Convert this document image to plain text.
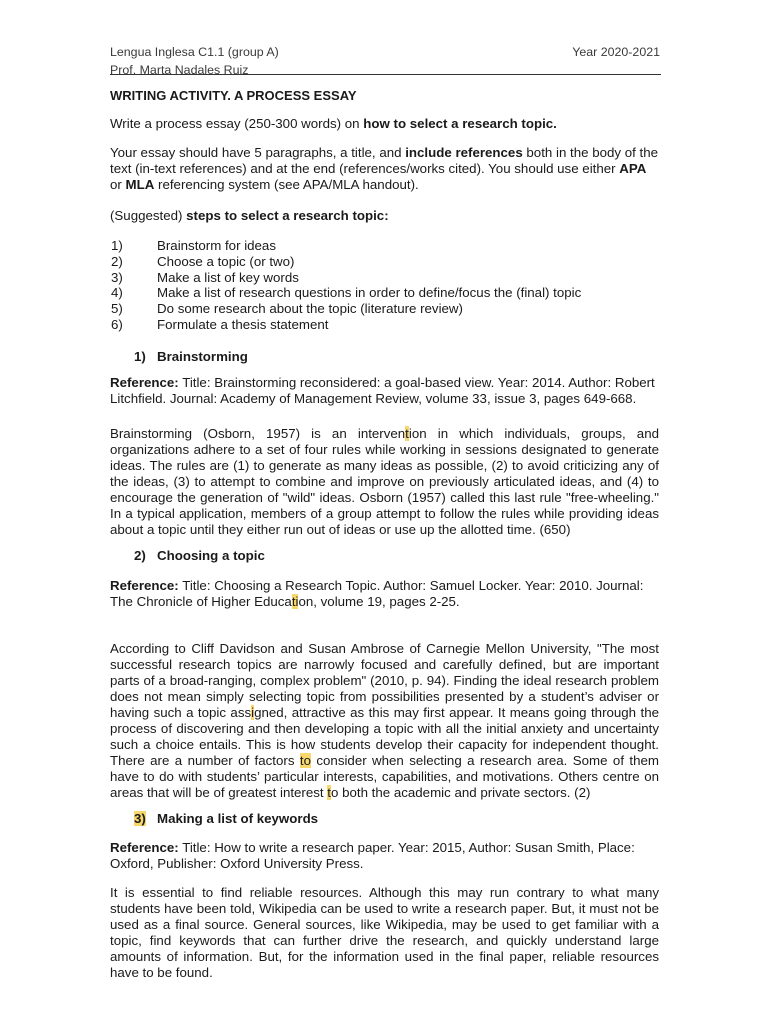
Lengua Inglesa C1.1 (group A)	Year 2020-2021
Prof. Marta Nadales Ruiz

WRITING ACTIVITY. A PROCESS ESSAY

Write a process essay (250-300 words) on how to select a research topic.

Your essay should have 5 paragraphs, a title, and include references both in the body of the text (in-text references) and at the end (references/works cited). You should use either APA or MLA referencing system (see APA/MLA handout).

(Suggested) steps to select a research topic:

1)	Brainstorm for ideas
2)	Choose a topic (or two)
3)	Make a list of key words
4)	Make a list of research questions in order to define/focus the (final) topic
5)	Do some research about the topic (literature review)
6)	Formulate a thesis statement

1) Brainstorming

Reference: Title: Brainstorming reconsidered: a goal-based view. Year: 2014. Author: Robert Litchfield. Journal: Academy of Management Review, volume 33, issue 3, pages 649-668.

Brainstorming (Osborn, 1957) is an intervention in which individuals, groups, and organizations adhere to a set of four rules while working in sessions designated to generate ideas. The rules are (1) to generate as many ideas as possible, (2) to avoid criticizing any of the ideas, (3) to attempt to combine and improve on previously articulated ideas, and (4) to encourage the generation of "wild" ideas. Osborn (1957) called this last rule "free-wheeling." In a typical application, members of a group attempt to follow the rules while providing ideas about a topic until they either run out of ideas or use up the allotted time. (650)

2) Choosing a topic

Reference: Title: Choosing a Research Topic. Author: Samuel Locker. Year: 2010. Journal: The Chronicle of Higher Education, volume 19, pages 2-25.

According to Cliff Davidson and Susan Ambrose of Carnegie Mellon University, "The most successful research topics are narrowly focused and carefully defined, but are important parts of a broad-ranging, complex problem" (2010, p. 94). Finding the ideal research problem does not mean simply selecting topic from possibilities presented by a student’s adviser or having such a topic assigned, attractive as this may first appear. It means going through the process of discovering and then developing a topic with all the initial anxiety and uncertainty such a choice entails. This is how students develop their capacity for independent thought. There are a number of factors to consider when selecting a research area. Some of them have to do with students’ particular interests, capabilities, and motivations. Others centre on areas that will be of greatest interest to both the academic and private sectors. (2)

3) Making a list of keywords

Reference: Title: How to write a research paper. Year: 2015, Author: Susan Smith, Place: Oxford, Publisher: Oxford University Press.

It is essential to find reliable resources. Although this may run contrary to what many students have been told, Wikipedia can be used to write a research paper. But, it must not be used as a final source. General sources, like Wikipedia, may be used to get familiar with a topic, find keywords that can further drive the research, and quickly understand large amounts of information. But, for the information used in the final paper, reliable resources have to be found.
